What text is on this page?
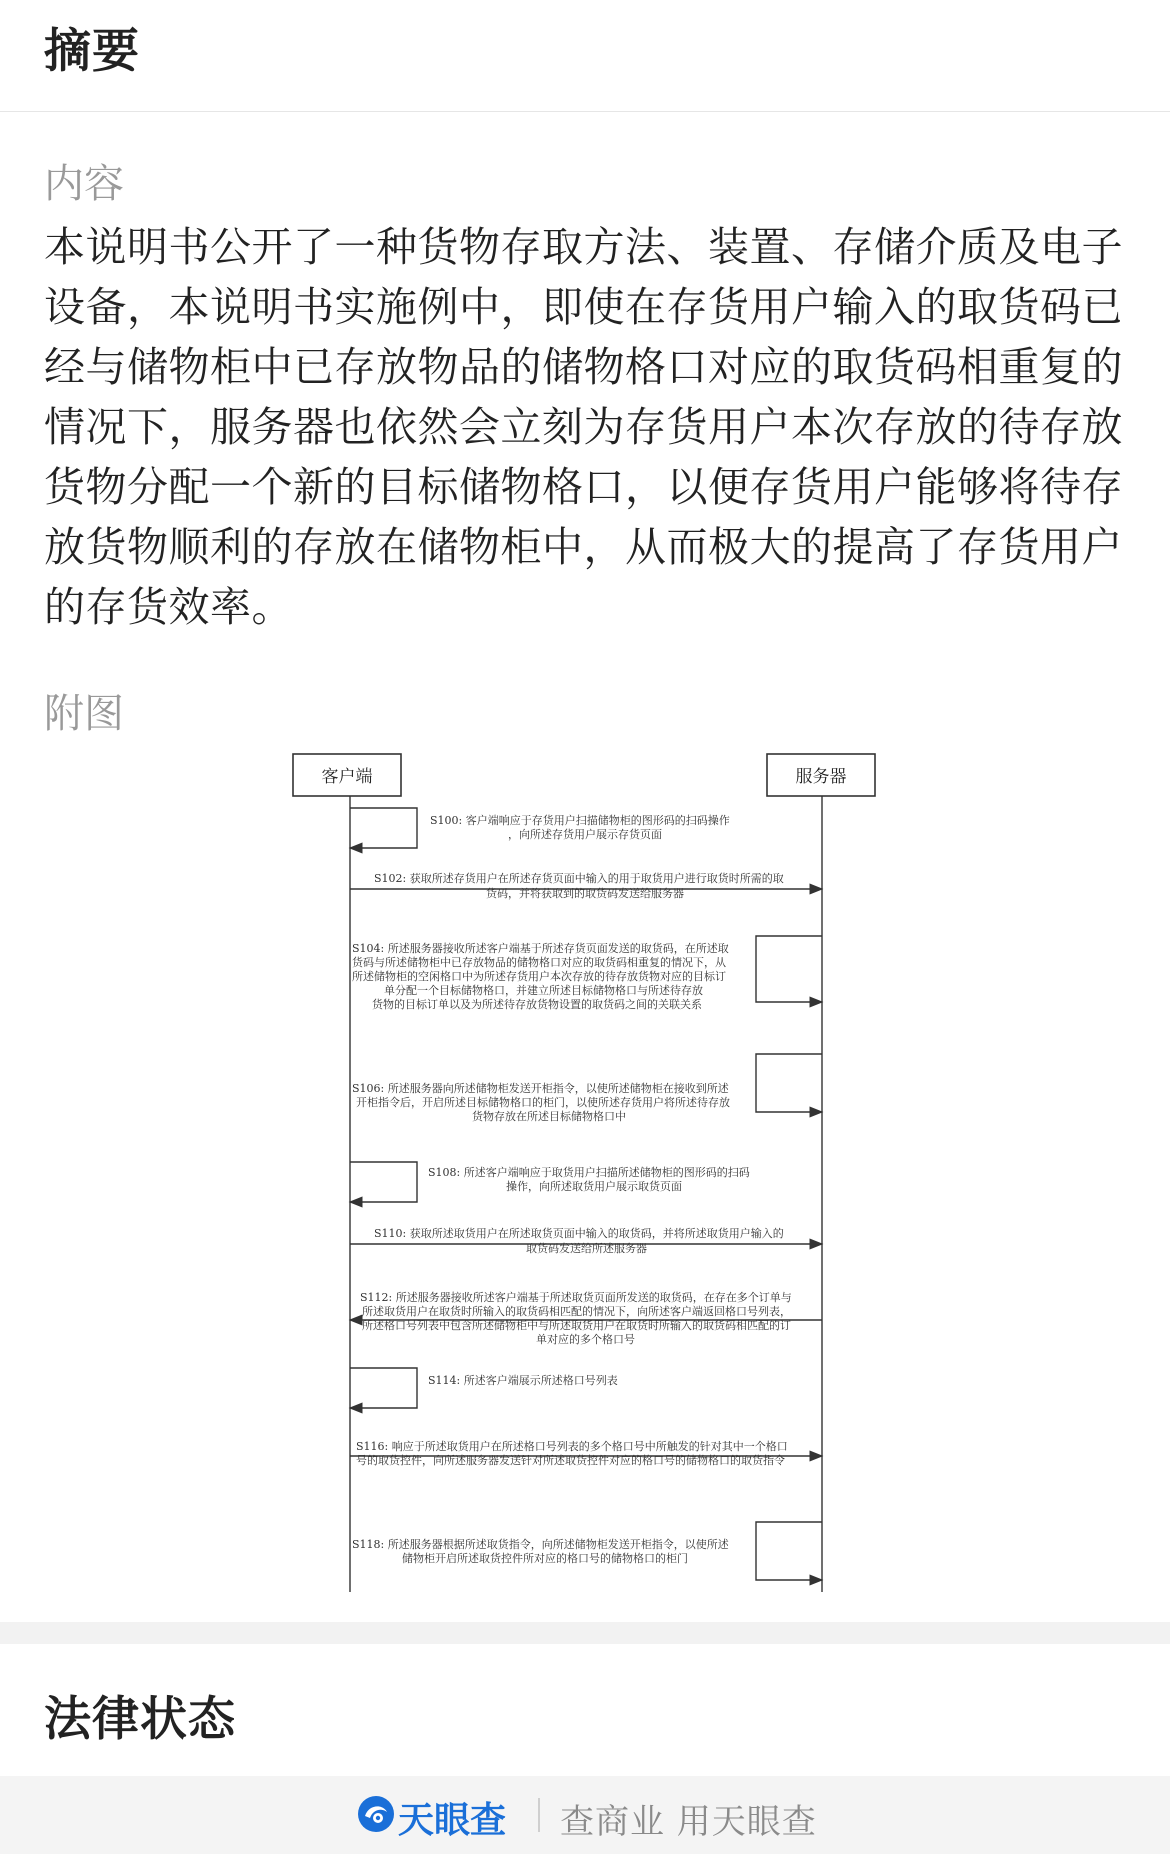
摘要
内容
本说明书公开了一种货物存取方法、装置、存储介质及电子设备，本说明书实施例中，即使在存货用户输入的取货码已经与储物柜中已存放物品的储物格口对应的取货码相重复的情况下，服务器也依然会立刻为存货用户本次存放的待存放货物分配一个新的目标储物格口，以便存货用户能够将待存放货物顺利的存放在储物柜中，从而极大的提高了存货用户的存货效率。
附图
客户端	服务器
S100: 客户端响应于存货用户扫描储物柜的图形码的扫码操作
，向所述存货用户展示存货页面
S102: 获取所述存货用户在所述存货页面中输入的用于取货用户进行取货时所需的取
货码，并将获取到的取货码发送给服务器
S104: 所述服务器接收所述客户端基于所述存货页面发送的取货码，在所述取
货码与所述储物柜中已存放物品的储物格口对应的取货码相重复的情况下，从
所述储物柜的空闲格口中为所述存货用户本次存放的待存放货物对应的目标订
单分配一个目标储物格口，并建立所述目标储物格口与所述待存放
货物的目标订单以及为所述待存放货物设置的取货码之间的关联关系
S106: 所述服务器向所述储物柜发送开柜指令，以使所述储物柜在接收到所述
开柜指令后，开启所述目标储物格口的柜门，以使所述存货用户将所述待存放
货物存放在所述目标储物格口中
S108: 所述客户端响应于取货用户扫描所述储物柜的图形码的扫码
操作，向所述取货用户展示取货页面
S110: 获取所述取货用户在所述取货页面中输入的取货码，并将所述取货用户输入的
取货码发送给所述服务器
S112: 所述服务器接收所述客户端基于所述取货页面所发送的取货码，在存在多个订单与
所述取货用户在取货时所输入的取货码相匹配的情况下，向所述客户端返回格口号列表，
所述格口号列表中包含所述储物柜中与所述取货用户在取货时所输入的取货码相匹配的订
单对应的多个格口号
S114: 所述客户端展示所述格口号列表
S116: 响应于所述取货用户在所述格口号列表的多个格口号中所触发的针对其中一个格口
号的取货控件，向所述服务器发送针对所述取货控件对应的格口号的储物格口的取货指令
S118: 所述服务器根据所述取货指令，向所述储物柜发送开柜指令，以使所述
储物柜开启所述取货控件所对应的格口号的储物格口的柜门
法律状态
天眼查 查商业 用天眼查
